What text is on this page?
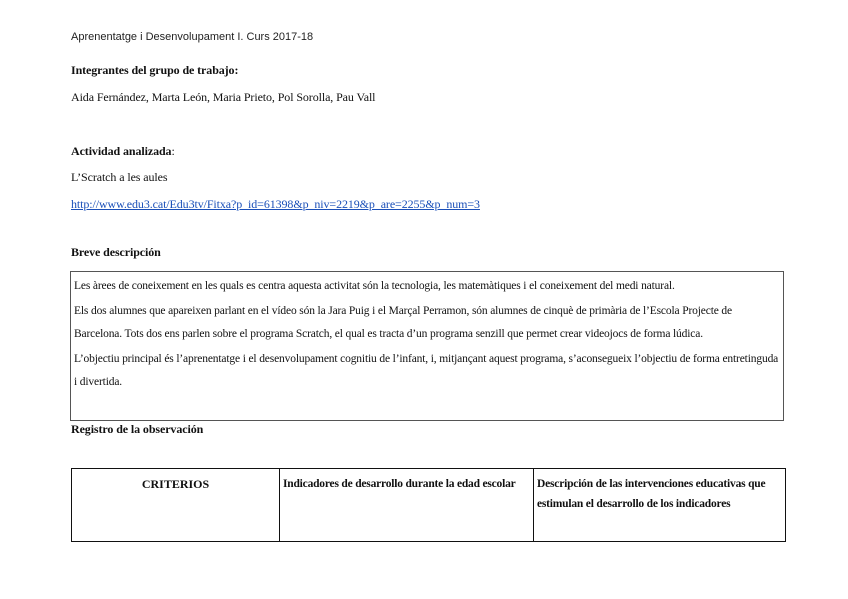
Aprenentatge i Desenvolupament I. Curs 2017-18
Integrantes del grupo de trabajo:
Aida Fernández, Marta León, Maria Prieto, Pol Sorolla, Pau Vall
Actividad analizada:
L’Scratch a les aules
http://www.edu3.cat/Edu3tv/Fitxa?p_id=61398&p_niv=2219&p_are=2255&p_num=3
Breve descripción

Les àrees de coneixement en les quals es centra aquesta activitat són la tecnologia, les matemàtiques i el coneixement del medi natural.

Els dos alumnes que apareixen parlant en el vídeo són la Jara Puig i el Marçal Perramon, són alumnes de cinquè de primària de l’Escola Projecte de Barcelona. Tots dos ens parlen sobre el programa Scratch, el qual es tracta d’un programa senzill que permet crear videojocs de forma lúdica.

L’objectiu principal és l’aprenentatge i el desenvolupament cognitiu de l’infant, i, mitjançant aquest programa, s’aconsegueix l’objectiu de forma entretinguda i divertida.

Registro de la observación
CRITERIOS	Indicadores de desarrollo durante la edad escolar	Descripción de las intervenciones educativas que estimulan el desarrollo de los indicadores
